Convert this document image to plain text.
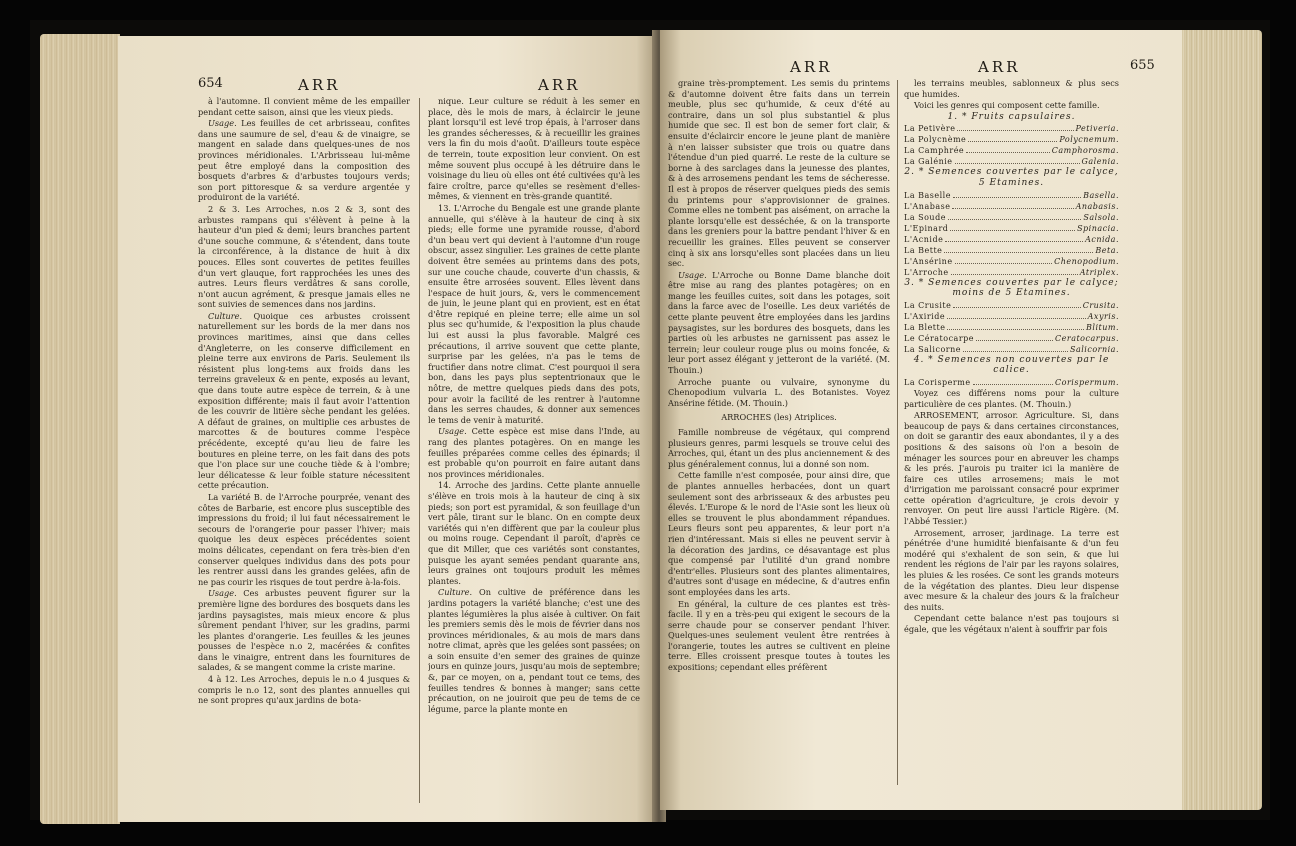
654	ARR	ARR

à l'automne. Il convient même de les empailler pendant cette saison, ainsi que les vieux pieds.

Usage. Les feuilles de cet arbrisseau, confites dans une saumure de sel, d'eau & de vinaigre, se mangent en salade dans quelques-unes de nos provinces méridionales. L'Arbrisseau lui-même peut être employé dans la composition des bosquets d'arbres & d'arbustes toujours verds; son port pittoresque & sa verdure argentée y produiront de la variété.

2 & 3. Les Arroches, n.os 2 & 3, sont des arbustes rampans qui s'élèvent à peine à la hauteur d'un pied & demi; leurs branches partent d'une souche commune, & s'étendent, dans toute la circonférence, à la distance de huit à dix pouces. Elles sont couvertes de petites feuilles d'un vert glauque, fort rapprochées les unes des autres. Leurs fleurs verdâtres & sans corolle, n'ont aucun agrément, & presque jamais elles ne sont suivies de semences dans nos jardins.

Culture. Quoique ces arbustes croissent naturellement sur les bords de la mer dans nos provinces maritimes, ainsi que dans celles d'Angleterre, on les conserve difficilement en pleine terre aux environs de Paris. Seulement ils résistent plus long-tems aux froids dans les terreins graveleux & en pente, exposés au levant, que dans toute autre espèce de terrein, & à une exposition différente; mais il faut avoir l'attention de les couvrir de litière sèche pendant les gelées. A défaut de graines, on multiplie ces arbustes de marcottes & de boutures comme l'espèce précédente, excepté qu'au lieu de faire les boutures en pleine terre, on les fait dans des pots que l'on place sur une couche tiède & à l'ombre; leur délicatesse & leur foible stature nécessitent cette précaution.

La variété B. de l'Arroche pourprée, venant des côtes de Barbarie, est encore plus susceptible des impressions du froid; il lui faut nécessairement le secours de l'orangerie pour passer l'hiver; mais quoique les deux espèces précédentes soient moins délicates, cependant on fera très-bien d'en conserver quelques individus dans des pots pour les rentrer aussi dans les grandes gelées, afin de ne pas courir les risques de tout perdre à-la-fois.

Usage. Ces arbustes peuvent figurer sur la première ligne des bordures des bosquets dans les jardins paysagistes, mais mieux encore & plus sûrement pendant l'hiver, sur les gradins, parmi les plantes d'orangerie. Les feuilles & les jeunes pousses de l'espèce n.o 2, macérées & confites dans le vinaigre, entrent dans les fournitures de salades, & se mangent comme la criste marine.

4 à 12. Les Arroches, depuis le n.o 4 jusques & compris le n.o 12, sont des plantes annuelles qui ne sont propres qu'aux jardins de bota-

nique. Leur culture se réduit à les semer en place, dès le mois de mars, à éclaircir le jeune plant lorsqu'il est levé trop épais, à l'arroser dans les grandes sécheresses, & à recueillir les graines vers la fin du mois d'août. D'ailleurs toute espèce de terrein, toute exposition leur convient. On est même souvent plus occupé à les détruire dans le voisinage du lieu où elles ont été cultivées qu'à les faire croître, parce qu'elles se resèment d'elles-mêmes, & viennent en très-grande quantité.

13. L'Arroche du Bengale est une grande plante annuelle, qui s'élève à la hauteur de cinq à six pieds; elle forme une pyramide rousse, d'abord d'un beau vert qui devient à l'automne d'un rouge obscur, assez singulier. Les graines de cette plante doivent être semées au printems dans des pots, sur une couche chaude, couverte d'un chassis, & ensuite être arrosées souvent. Elles lèvent dans l'espace de huit jours, &, vers le commencement de juin, le jeune plant qui en provient, est en état d'être repiqué en pleine terre; elle aime un sol plus sec qu'humide, & l'exposition la plus chaude lui est aussi la plus favorable. Malgré ces précautions, il arrive souvent que cette plante, surprise par les gelées, n'a pas le tems de fructifier dans notre climat. C'est pourquoi il sera bon, dans les pays plus septentrionaux que le nôtre, de mettre quelques pieds dans des pots, pour avoir la facilité de les rentrer à l'automne dans les serres chaudes, & donner aux semences le tems de venir à maturité.

Usage. Cette espèce est mise dans l'Inde, au rang des plantes potagères. On en mange les feuilles préparées comme celles des épinards; il est probable qu'on pourroit en faire autant dans nos provinces méridionales.

14. Arroche des jardins. Cette plante annuelle s'élève en trois mois à la hauteur de cinq à six pieds; son port est pyramidal, & son feuillage d'un vert pâle, tirant sur le blanc. On en compte deux variétés qui n'en diffèrent que par la couleur plus ou moins rouge. Cependant il paroît, d'après ce que dit Miller, que ces variétés sont constantes, puisque les ayant semées pendant quarante ans, leurs graines ont toujours produit les mêmes plantes.

Culture. On cultive de préférence dans les jardins potagers la variété blanche; c'est une des plantes légumières la plus aisée à cultiver. On fait les premiers semis dès le mois de février dans nos provinces méridionales, & au mois de mars dans notre climat, après que les gelées sont passées; on a soin ensuite d'en semer des graines de quinze jours en quinze jours, jusqu'au mois de septembre; &, par ce moyen, on a, pendant tout ce tems, des feuilles tendres & bonnes à manger; sans cette précaution, on ne jouiroit que peu de tems de ce légume, parce la plante monte en

ARR	ARR	655

graine très-promptement. Les semis du printems & d'automne doivent être faits dans un terrein meuble, plus sec qu'humide, & ceux d'été au contraire, dans un sol plus substantiel & plus humide que sec. Il est bon de semer fort clair, & ensuite d'éclaircir encore le jeune plant de manière à n'en laisser subsister que trois ou quatre dans l'étendue d'un pied quarré. Le reste de la culture se borne à des sarclages dans la jeunesse des plantes, & à des arrosemens pendant les tems de sécheresse. Il est à propos de réserver quelques pieds des semis du printems pour s'approvisionner de graines. Comme elles ne tombent pas aisément, on arrache la plante lorsqu'elle est desséchée, & on la transporte dans les greniers pour la battre pendant l'hiver & en recueillir les graines. Elles peuvent se conserver cinq à six ans lorsqu'elles sont placées dans un lieu sec.

Usage. L'Arroche ou Bonne Dame blanche doit être mise au rang des plantes potagères; on en mange les feuilles cuites, soit dans les potages, soit dans la farce avec de l'oseille. Les deux variétés de cette plante peuvent être employées dans les jardins paysagistes, sur les bordures des bosquets, dans les parties où les arbustes ne garnissent pas assez le terrein; leur couleur rouge plus ou moins foncée, & leur port assez élégant y jetteront de la variété. (M. Thouin.)

Arroche puante ou vulvaire, synonyme du Chenopodium vulvaria L. des Botanistes. Voyez Ansérine fétide. (M. Thouin.)

ARROCHES (les) Atriplices.

Famille nombreuse de végétaux, qui comprend plusieurs genres, parmi lesquels se trouve celui des Arroches, qui, étant un des plus anciennement & des plus généralement connus, lui a donné son nom.

Cette famille n'est composée, pour ainsi dire, que de plantes annuelles herbacées, dont un quart seulement sont des arbrisseaux & des arbustes peu élevés. L'Europe & le nord de l'Asie sont les lieux où elles se trouvent le plus abondamment répandues. Leurs fleurs sont peu apparentes, & leur port n'a rien d'intéressant. Mais si elles ne peuvent servir à la décoration des jardins, ce désavantage est plus que compensé par l'utilité d'un grand nombre d'entr'elles. Plusieurs sont des plantes alimentaires, d'autres sont d'usage en médecine, & d'autres enfin sont employées dans les arts.

En général, la culture de ces plantes est très-facile. Il y en a très-peu qui exigent le secours de la serre chaude pour se conserver pendant l'hiver. Quelques-unes seulement veulent être rentrées à l'orangerie, toutes les autres se cultivent en pleine terre. Elles croissent presque toutes à toutes les expositions; cependant elles préfèrent

les terrains meubles, sablonneux & plus secs que humides.

Voici les genres qui composent cette famille.

1. * Fruits capsulaires.

La Petivère	Petiveria.
La Polycnème	Polycnemum.
La Camphrée	Camphorosma.
La Galénie	Galenia.

2. * Semences couvertes par le calyce, 5 Etamines.

La Baselle	Basella.
L'Anabase	Anabasis.
La Soude	Salsola.
L'Epinard	Spinacia.
L'Acnide	Acnida.
La Bette	Beta.
L'Ansérine	Chenopodium.
L'Arroche	Atriplex.

3. * Semences couvertes par le calyce; moins de 5 Etamines.

La Crusite	Crusita.
L'Axiride	Axyris.
La Blette	Blitum.
Le Cératocarpe	Ceratocarpus.
La Salicorne	Salicornia.

4. * Semences non couvertes par le calice.

La Corisperme	Corispermum.

Voyez ces différens noms pour la culture particulière de ces plantes. (M. Thouin.)

ARROSEMENT, arrosor. Agriculture. Si, dans beaucoup de pays & dans certaines circonstances, on doit se garantir des eaux abondantes, il y a des positions & des saisons où l'on a besoin de ménager les sources pour en abreuver les champs & les prés. J'aurois pu traiter ici la manière de faire ces utiles arrosemens; mais le mot d'irrigation me paroissant consacré pour exprimer cette opération d'agriculture, je crois devoir y renvoyer. On peut lire aussi l'article Rigère. (M. l'Abbé Tessier.)

Arrosement, arroser, jardinage. La terre est pénétrée d'une humidité bienfaisante & d'un feu modéré qui s'exhalent de son sein, & que lui rendent les régions de l'air par les rayons solaires, les pluies & les rosées. Ce sont les grands moteurs de la végétation des plantes. Dieu leur dispense avec mesure & la chaleur des jours & la fraîcheur des nuits.

Cependant cette balance n'est pas toujours si égale, que les végétaux n'aient à souffrir par fois
